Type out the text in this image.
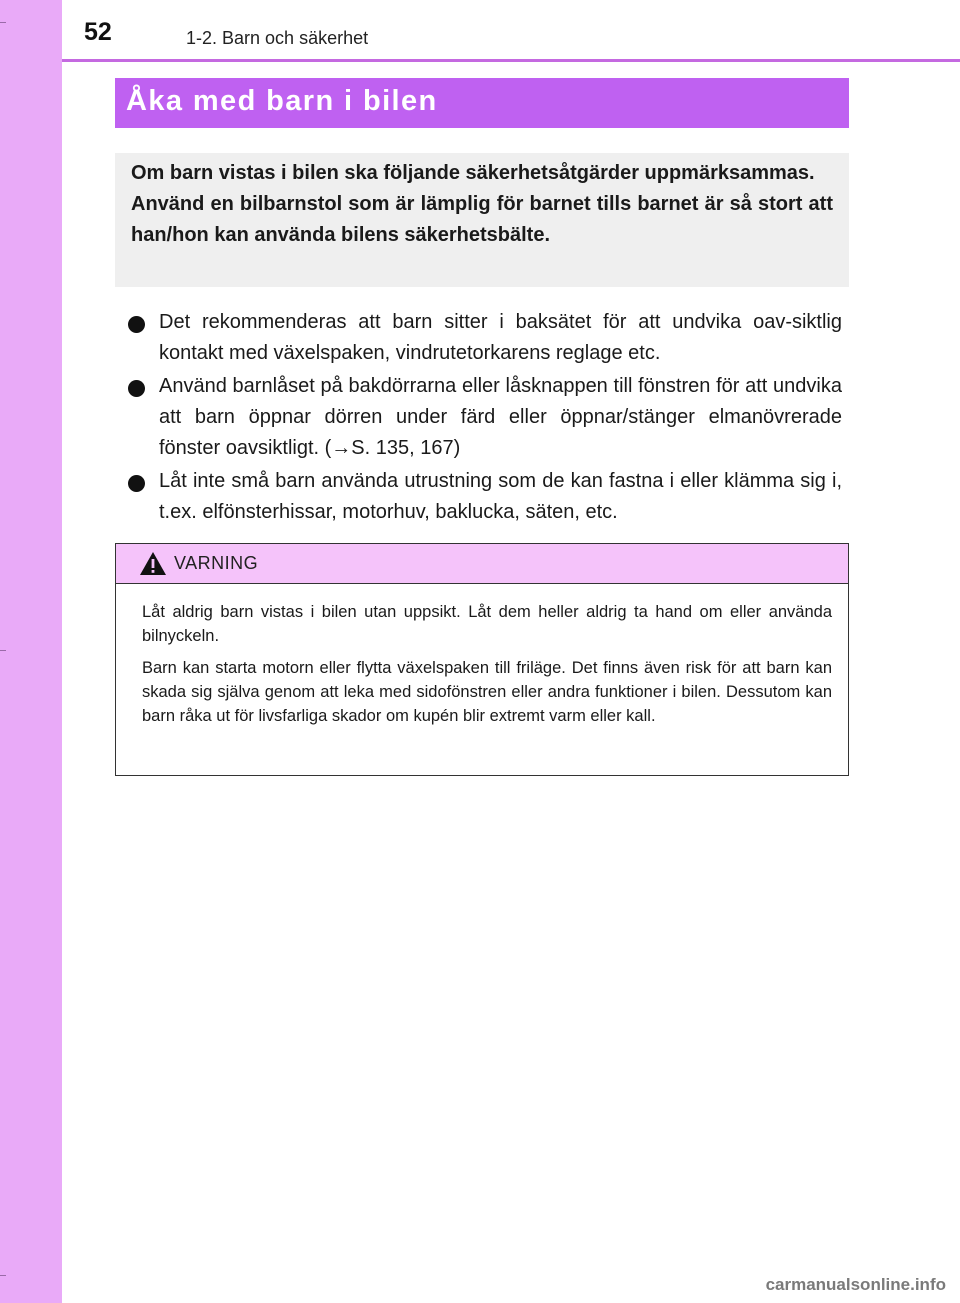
52	1-2. Barn och säkerhet
Åka med barn i bilen

Om barn vistas i bilen ska följande säkerhetsåtgärder uppmärksammas.

Använd en bilbarnstol som är lämplig för barnet tills barnet är så stort att han/hon kan använda bilens säkerhetsbälte.

Det rekommenderas att barn sitter i baksätet för att undvika oav-siktlig kontakt med växelspaken, vindrutetorkarens reglage etc.
Använd barnlåset på bakdörrarna eller låsknappen till fönstren för att undvika att barn öppnar dörren under färd eller öppnar/stänger elmanövrerade fönster oavsiktligt. (→S. 135, 167)
Låt inte små barn använda utrustning som de kan fastna i eller klämma sig i, t.ex. elfönsterhissar, motorhuv, baklucka, säten, etc.
VARNING

Låt aldrig barn vistas i bilen utan uppsikt. Låt dem heller aldrig ta hand om eller använda bilnyckeln.

Barn kan starta motorn eller flytta växelspaken till friläge. Det finns även risk för att barn kan skada sig själva genom att leka med sidofönstren eller andra funktioner i bilen. Dessutom kan barn råka ut för livsfarliga skador om kupén blir extremt varm eller kall.

carmanualsonline.info
